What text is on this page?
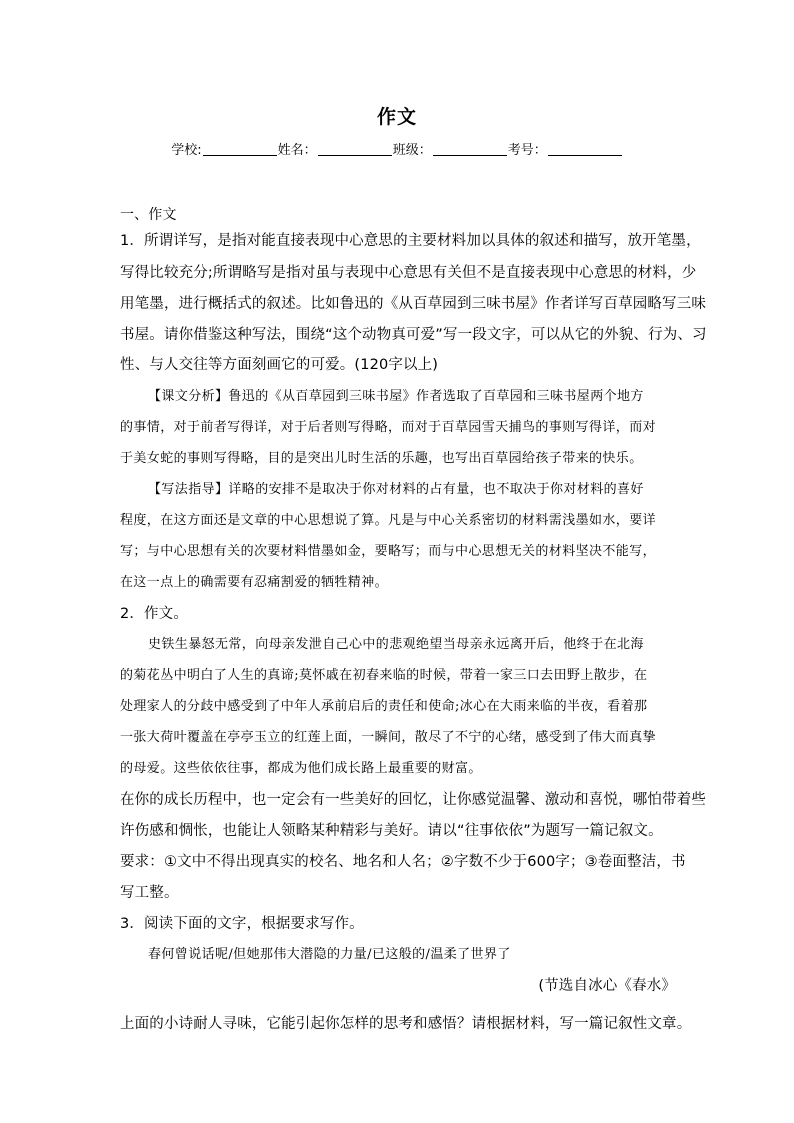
作文
学校:	姓名：	班级：	考号：
一、作文
1．所谓详写，是指对能直接表现中心意思的主要材料加以具体的叙述和描写，放开笔墨，
写得比较充分;所谓略写是指对虽与表现中心意思有关但不是直接表现中心意思的材料，少
用笔墨，进行概括式的叙述。比如鲁迅的《从百草园到三味书屋》作者详写百草园略写三味
书屋。请你借鉴这种写法，围绕“这个动物真可爱”写一段文字，可以从它的外貌、行为、习
性、与人交往等方面刻画它的可爱。(120字以上)
【课文分析】鲁迅的《从百草园到三味书屋》作者选取了百草园和三味书屋两个地方
的事情，对于前者写得详，对于后者则写得略，而对于百草园雪天捕鸟的事则写得详，而对
于美女蛇的事则写得略，目的是突出儿时生活的乐趣，也写出百草园给孩子带来的快乐。
【写法指导】详略的安排不是取决于你对材料的占有量，也不取决于你对材料的喜好
程度，在这方面还是文章的中心思想说了算。凡是与中心关系密切的材料需浅墨如水，要详
写；与中心思想有关的次要材料惜墨如金，要略写；而与中心思想无关的材料坚决不能写，
在这一点上的确需要有忍痛割爱的牺牲精神。
2．作文。
史铁生暴怒无常，向母亲发泄自己心中的悲观绝望当母亲永远离开后，他终于在北海
的菊花丛中明白了人生的真谛;莫怀戚在初春来临的时候，带着一家三口去田野上散步，在
处理家人的分歧中感受到了中年人承前启后的责任和使命;冰心在大雨来临的半夜，看着那
一张大荷叶覆盖在亭亭玉立的红莲上面，一瞬间，散尽了不宁的心绪，感受到了伟大而真挚
的母爱。这些依依往事，都成为他们成长路上最重要的财富。
在你的成长历程中，也一定会有一些美好的回忆，让你感觉温馨、激动和喜悦，哪怕带着些
许伤感和惆怅，也能让人领略某种精彩与美好。请以“往事依依”为题写一篇记叙文。
要求：①文中不得出现真实的校名、地名和人名；②字数不少于600字；③卷面整洁，书
写工整。
3．阅读下面的文字，根据要求写作。
春何曾说话呢/但她那伟大潜隐的力量/已这般的/温柔了世界了
(节选自冰心《春水》
上面的小诗耐人寻味，它能引起你怎样的思考和感悟？请根据材料，写一篇记叙性文章。
